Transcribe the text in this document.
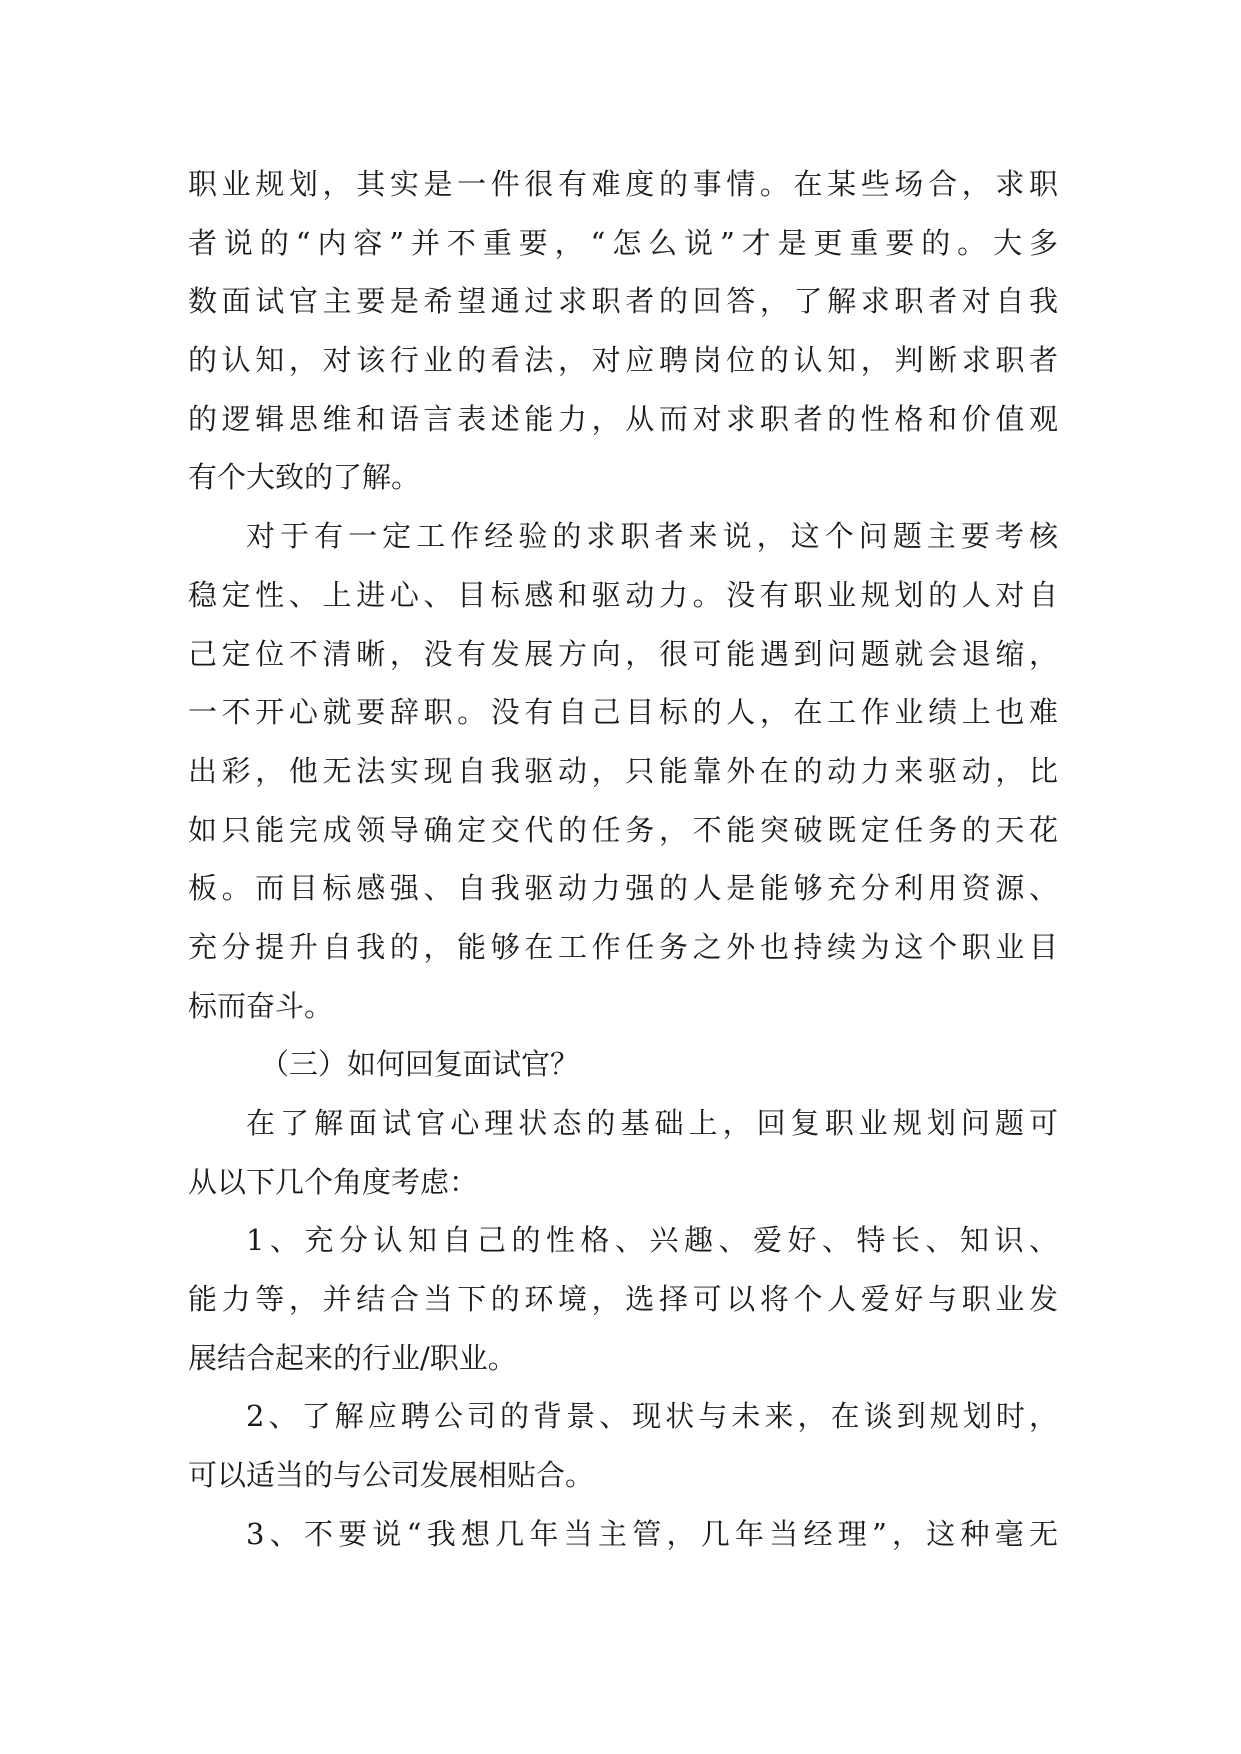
职业规划，其实是一件很有难度的事情。在某些场合，求职
者说的“内容”并不重要，“怎么说”才是更重要的。大多
数面试官主要是希望通过求职者的回答，了解求职者对自我
的认知，对该行业的看法，对应聘岗位的认知，判断求职者
的逻辑思维和语言表述能力，从而对求职者的性格和价值观
有个大致的了解。
对于有一定工作经验的求职者来说，这个问题主要考核
稳定性、上进心、目标感和驱动力。没有职业规划的人对自
己定位不清晰，没有发展方向，很可能遇到问题就会退缩，
一不开心就要辞职。没有自己目标的人，在工作业绩上也难
出彩，他无法实现自我驱动，只能靠外在的动力来驱动，比
如只能完成领导确定交代的任务，不能突破既定任务的天花
板。而目标感强、自我驱动力强的人是能够充分利用资源、
充分提升自我的，能够在工作任务之外也持续为这个职业目
标而奋斗。
（三）如何回复面试官？
在了解面试官心理状态的基础上，回复职业规划问题可
从以下几个角度考虑：
1、充分认知自己的性格、兴趣、爱好、特长、知识、
能力等，并结合当下的环境，选择可以将个人爱好与职业发
展结合起来的行业/职业。
2、了解应聘公司的背景、现状与未来，在谈到规划时，
可以适当的与公司发展相贴合。
3、不要说“我想几年当主管，几年当经理”，这种毫无
